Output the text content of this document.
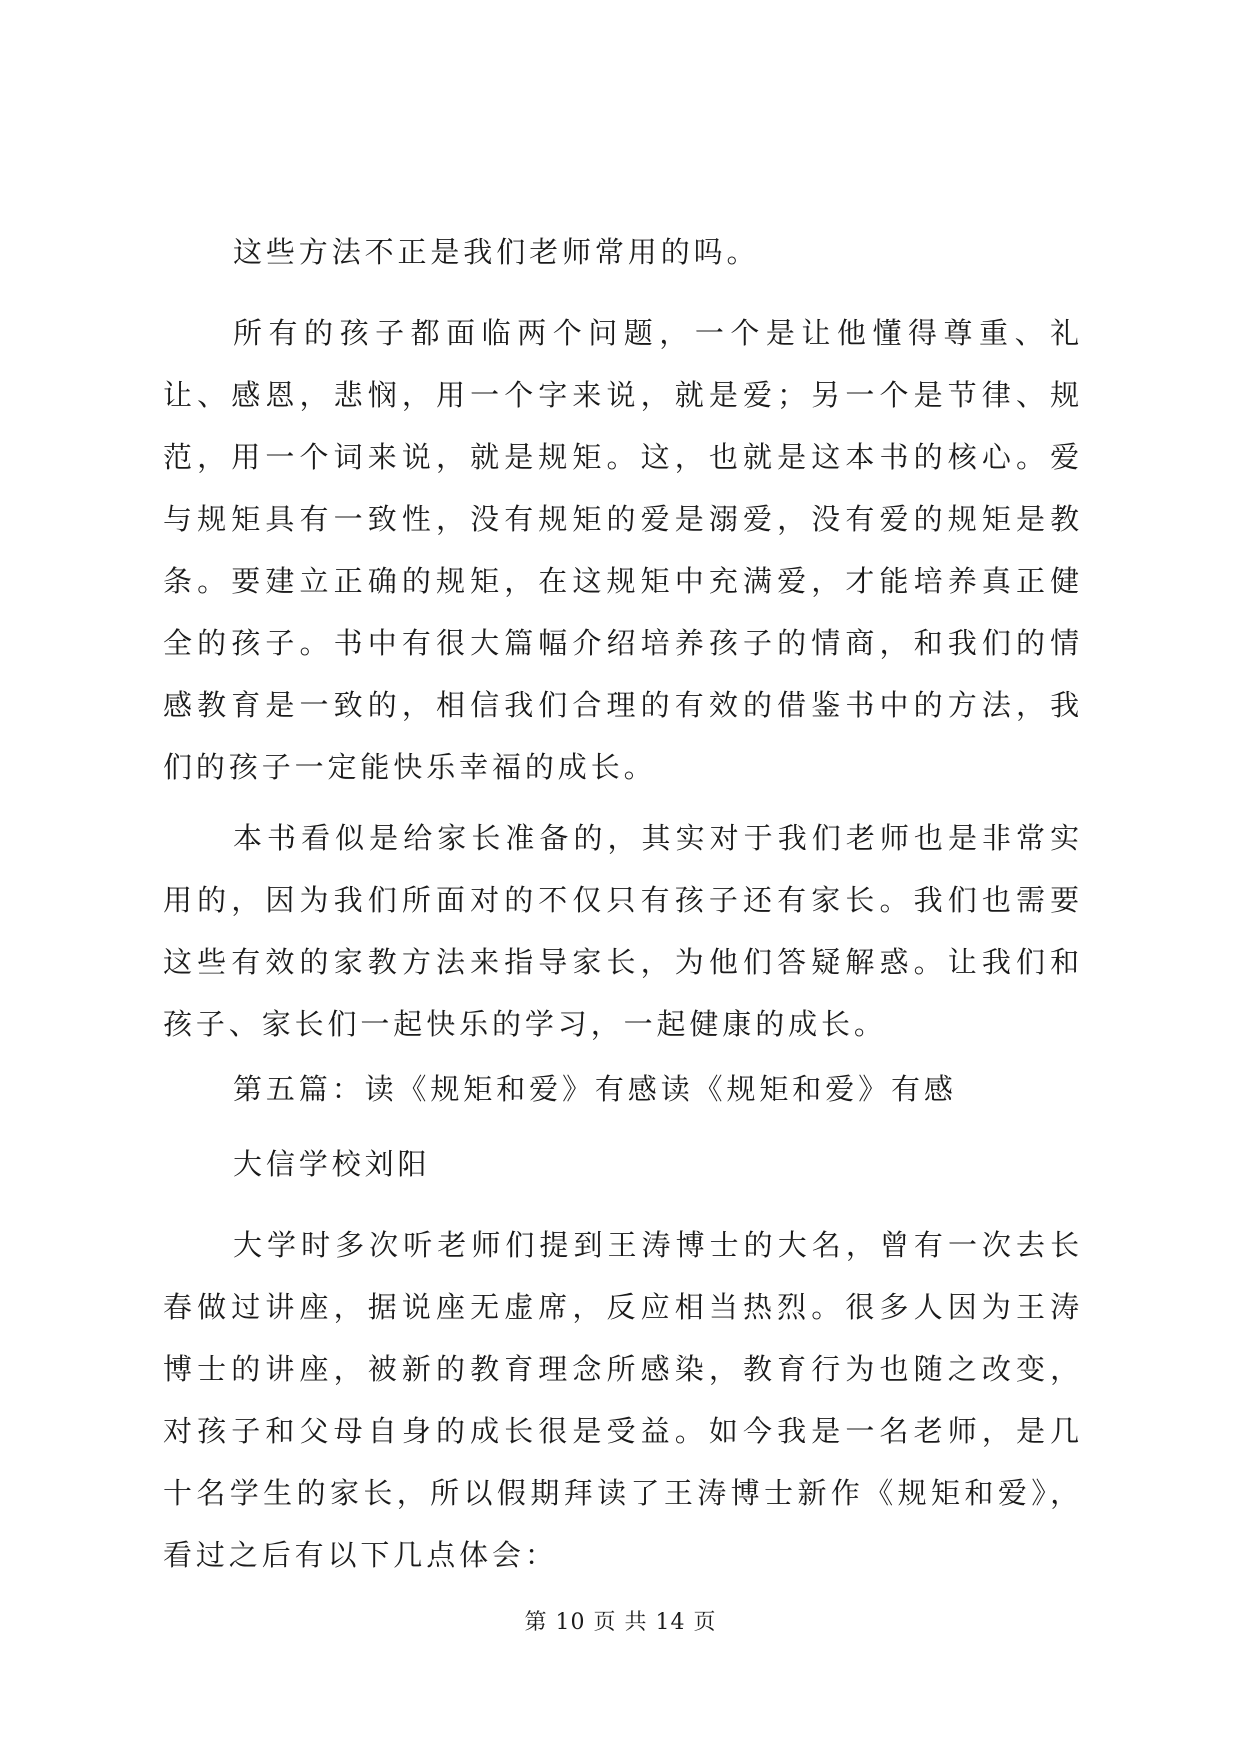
这些方法不正是我们老师常用的吗。

所有的孩子都面临两个问题，一个是让他懂得尊重、礼让、感恩，悲悯，用一个字来说，就是爱；另一个是节律、规范，用一个词来说，就是规矩。这，也就是这本书的核心。爱与规矩具有一致性，没有规矩的爱是溺爱，没有爱的规矩是教条。要建立正确的规矩，在这规矩中充满爱，才能培养真正健全的孩子。书中有很大篇幅介绍培养孩子的情商，和我们的情感教育是一致的，相信我们合理的有效的借鉴书中的方法，我们的孩子一定能快乐幸福的成长。

本书看似是给家长准备的，其实对于我们老师也是非常实用的，因为我们所面对的不仅只有孩子还有家长。我们也需要这些有效的家教方法来指导家长，为他们答疑解惑。让我们和孩子、家长们一起快乐的学习，一起健康的成长。

第五篇：读《规矩和爱》有感读《规矩和爱》有感

大信学校刘阳

大学时多次听老师们提到王涛博士的大名，曾有一次去长春做过讲座，据说座无虚席，反应相当热烈。很多人因为王涛博士的讲座，被新的教育理念所感染，教育行为也随之改变，对孩子和父母自身的成长很是受益。如今我是一名老师，是几十名学生的家长，所以假期拜读了王涛博士新作《规矩和爱》，看过之后有以下几点体会：

第 10 页 共 14 页
